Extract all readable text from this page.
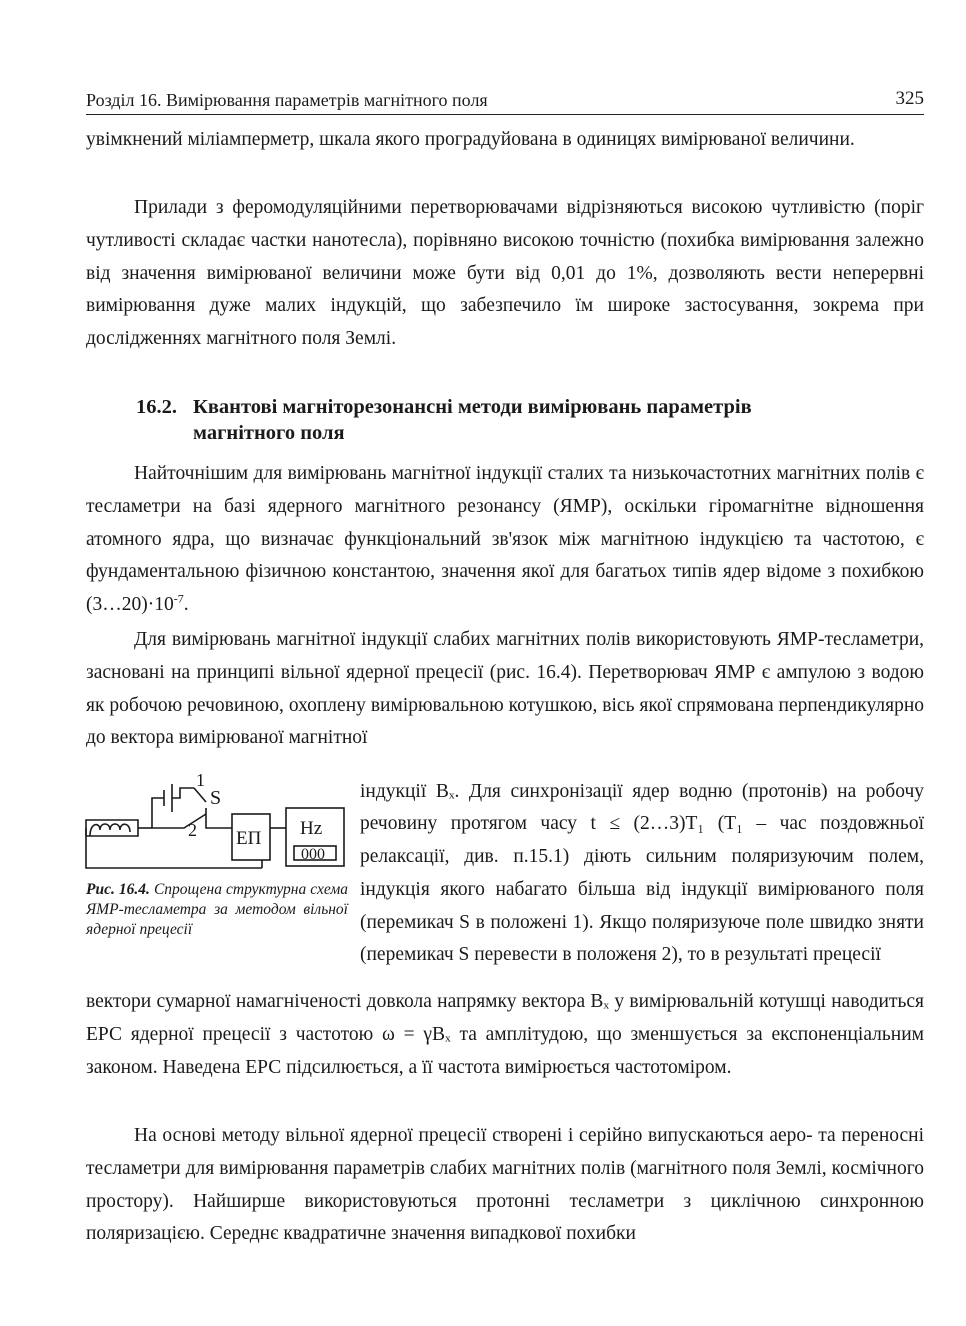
Розділ 16. Вимірювання параметрів магнітного поля	325

увімкнений міліамперметр, шкала якого проградуйована в одиницях вимірюваної величини.

Прилади з феромодуляційними перетворювачами відрізняються високою чутливістю (поріг чутливості складає частки нанотесла), порівняно високою точністю (похибка вимірювання залежно від значення вимірюваної величини може бути від 0,01 до 1%, дозволяють вести неперервні вимірювання дуже малих індукцій, що забезпечило їм широке застосування, зокрема при дослідженнях магнітного поля Землі.

16.2. Квантові магніторезонансні методи вимірювань параметрів
магнітного поля

Найточнішим для вимірювань магнітної індукції сталих та низькочастотних магнітних полів є тесламетри на базі ядерного магнітного резонансу (ЯМР), оскільки гіромагнітне відношення атомного ядра, що визначає функціональний зв'язок між магнітною індукцією та частотою, є фундаментальною фізичною константою, значення якої для багатьох типів ядер відоме з похибкою $(3\dots 20)\cdot 10^{-7}$.

Для вимірювань магнітної індукції слабих магнітних полів використовують ЯМР-тесламетри, засновані на принципі вільної ядерної прецесії (рис. 16.4). Перетворювач ЯМР є ампулою з водою як робочою речовиною, охоплену вимірювальною котушкою, вісь якої спрямована перпендикулярно до вектора вимірюваної магнітної

1
S
2 ЕП Hz
000
Рис. 16.4. Спрощена структурна схема ЯМР-тесламетра за методом вільної ядерної прецесії

індукції Bₓ. Для синхронізації ядер водню (протонів) на робочу речовину протягом часу t ≤ (2…3)T₁ (T₁ – час поздовжньої релаксації, див. п.15.1) діють сильним поляризуючим полем, індукція якого набагато більша від індукції вимірюваного поля (перемикач S в положені 1). Якщо поляризуюче поле швидко зняти (перемикач S перевести в положеня 2), то в результаті прецесії

вектори сумарної намагніченості довкола напрямку вектора Bₓ у вимірювальній котушці наводиться ЕРС ядерної прецесії з частотою ω = γBₓ та амплітудою, що зменшується за експоненціальним законом. Наведена ЕРС підсилюється, а її частота вимірюється частотоміром.

На основі методу вільної ядерної прецесії створені і серійно випускаються аеро- та переносні тесламетри для вимірювання параметрів слабих магнітних полів (магнітного поля Землі, космічного простору). Найширше використовуються протонні тесламетри з циклічною синхронною поляризацією. Середнє квадратичне значення випадкової похибки
